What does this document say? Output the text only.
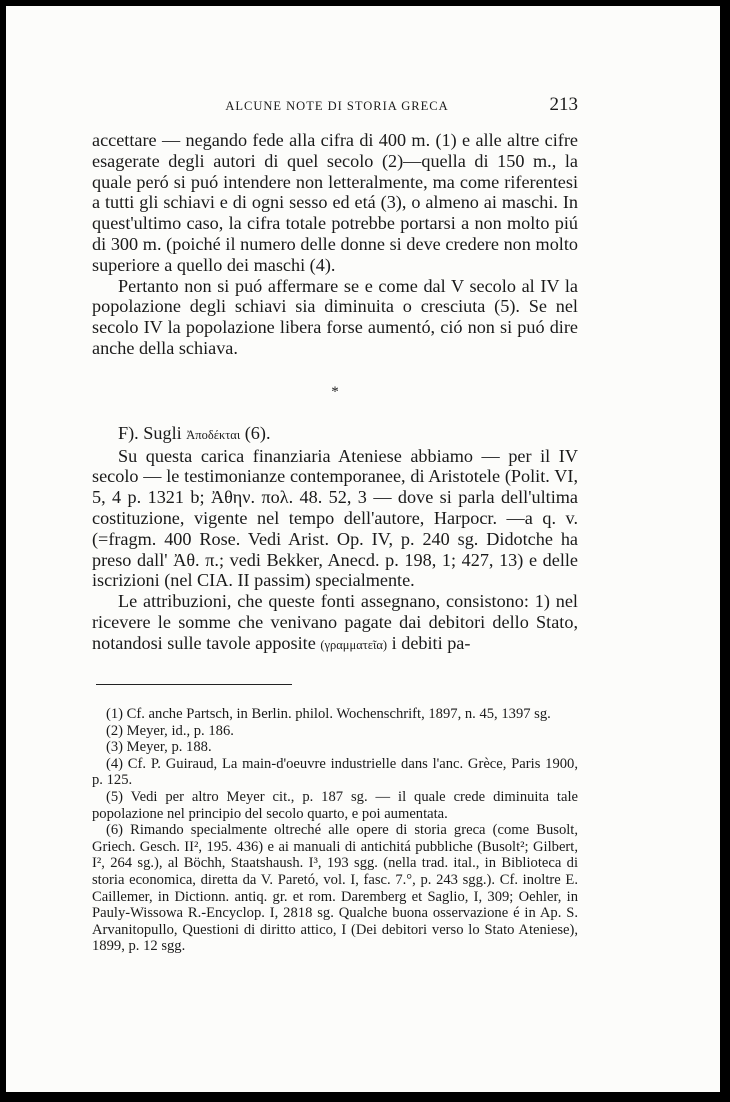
ALCUNE NOTE DI STORIA GRECA	213

accettare — negando fede alla cifra di 400 m. (1) e alle altre cifre esagerate degli autori di quel secolo (2)—quella di 150 m., la quale peró si puó intendere non letteralmente, ma come riferentesi a tutti gli schiavi e di ogni sesso ed etá (3), o almeno ai maschi. In quest'ultimo caso, la cifra totale potrebbe portarsi a non molto piú di 300 m. (poiché il numero delle donne si deve credere non molto superiore a quello dei maschi (4).

Pertanto non si puó affermare se e come dal V secolo al IV la popolazione degli schiavi sia diminuita o cresciuta (5). Se nel secolo IV la popolazione libera forse aumentó, ció non si puó dire anche della schiava.

*

F). Sugli Ἀποδέκται (6).

Su questa carica finanziaria Ateniese abbiamo — per il IV secolo — le testimonianze contemporanee, di Aristotele (Polit. VI, 5, 4 p. 1321 b; Ἀθην. πολ. 48. 52, 3 — dove si parla dell'ultima costituzione, vigente nel tempo dell'autore, Harpocr. —a q. v. (=fragm. 400 Rose. Vedi Arist. Op. IV, p. 240 sg. Didotche ha preso dall' Ἀθ. π.; vedi Bekker, Anecd. p. 198, 1; 427, 13) e delle iscrizioni (nel CIA. II passim) specialmente.

Le attribuzioni, che queste fonti assegnano, consistono: 1) nel ricevere le somme che venivano pagate dai debitori dello Stato, notandosi sulle tavole apposite (γραμματεῖα) i debiti pa-

(1) Cf. anche Partsch, in Berlin. philol. Wochenschrift, 1897, n. 45, 1397 sg.

(2) Meyer, id., p. 186.

(3) Meyer, p. 188.

(4) Cf. P. Guiraud, La main-d'oeuvre industrielle dans l'anc. Grèce, Paris 1900, p. 125.

(5) Vedi per altro Meyer cit., p. 187 sg. — il quale crede diminuita tale popolazione nel principio del secolo quarto, e poi aumentata.

(6) Rimando specialmente oltreché alle opere di storia greca (come Busolt, Griech. Gesch. II², 195. 436) e ai manuali di antichitá pubbliche (Busolt²; Gilbert, I², 264 sg.), al Böchh, Staatshaush. I³, 193 sgg. (nella trad. ital., in Biblioteca di storia economica, diretta da V. Paretó, vol. I, fasc. 7.°, p. 243 sgg.). Cf. inoltre E. Caillemer, in Dictionn. antiq. gr. et rom. Daremberg et Saglio, I, 309; Oehler, in Pauly-Wissowa R.-Encyclop. I, 2818 sg. Qualche buona osservazione é in Ap. S. Arvanitopullo, Questioni di diritto attico, I (Dei debitori verso lo Stato Ateniese), 1899, p. 12 sgg.
